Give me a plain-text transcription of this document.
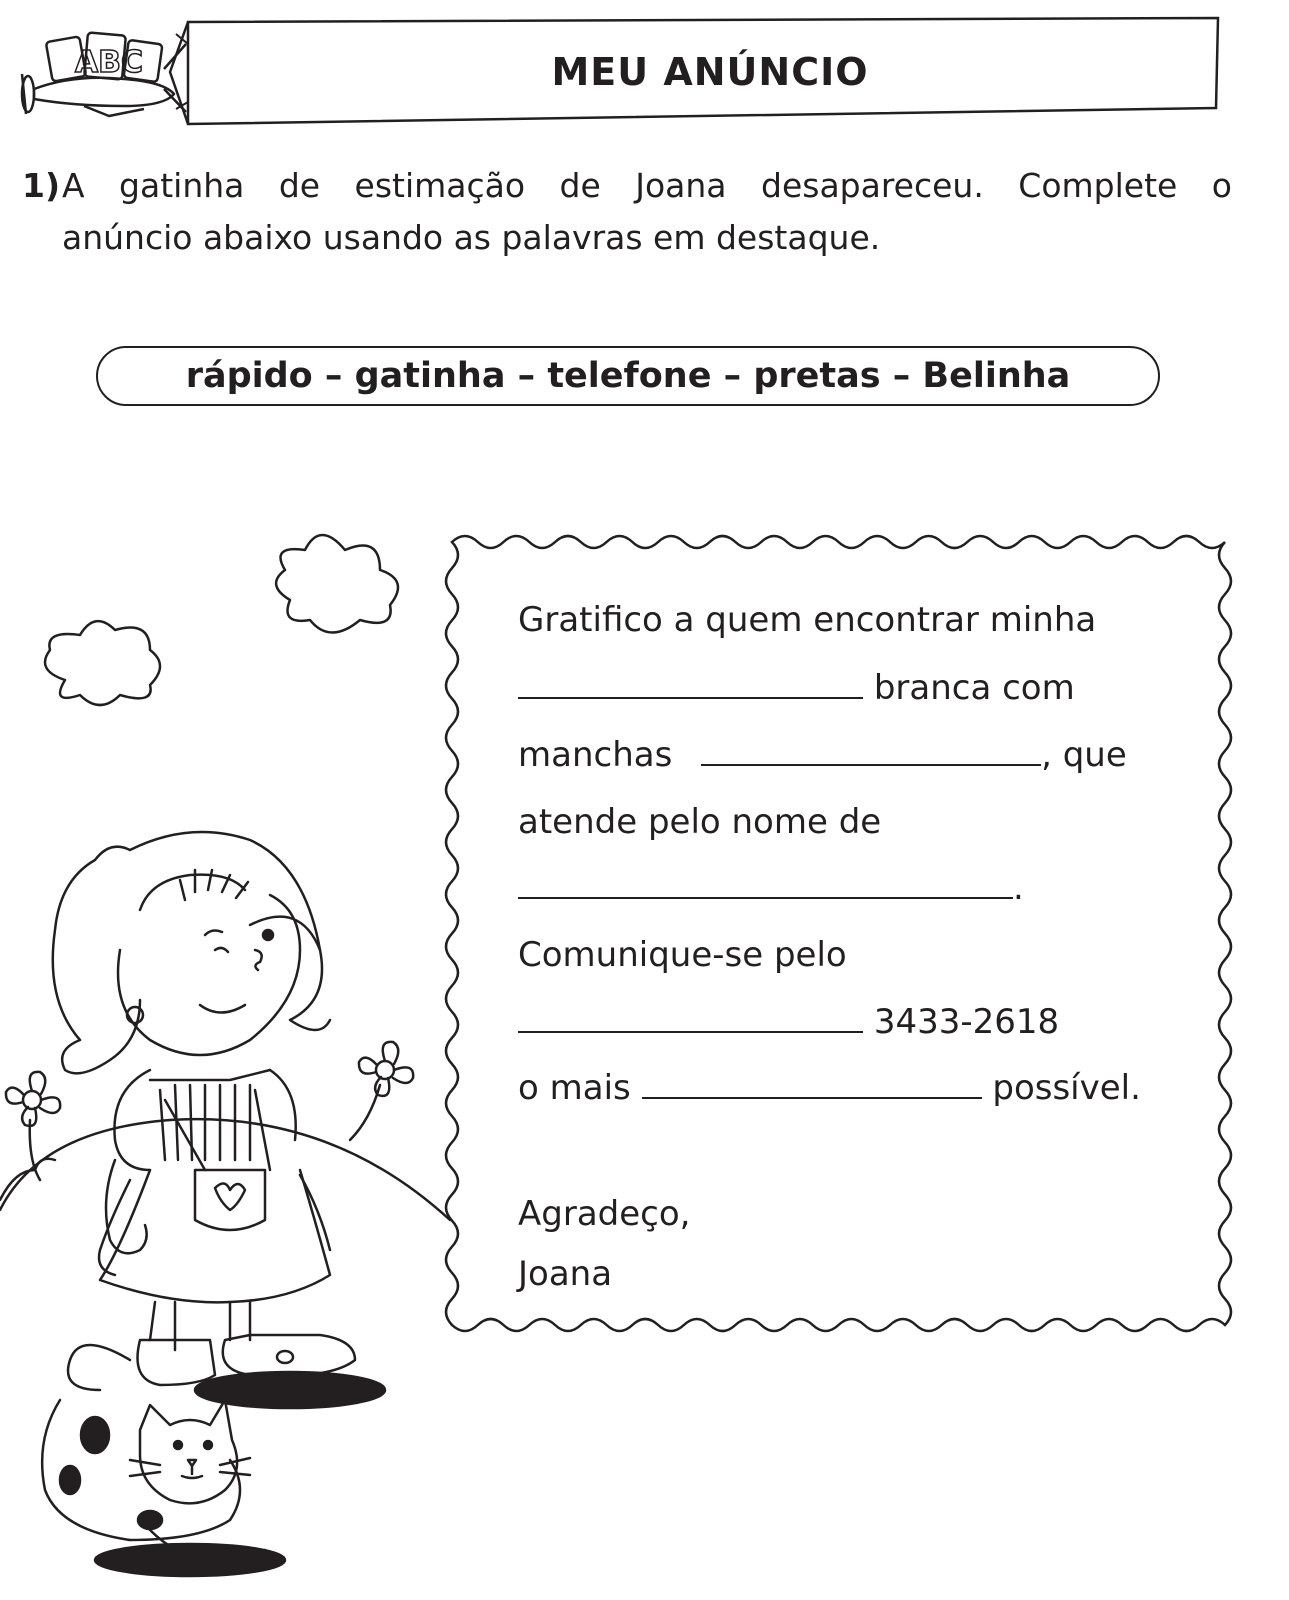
ABC	MEU ANÚNCIO
1) A gatinha de estimação de Joana desapareceu. Complete o
anúncio abaixo usando as palavras em destaque.
rápido – gatinha – telefone – pretas – Belinha
Gratifico a quem encontrar minha
branca com
manchas	, que
atende pelo nome de
.
Comunique-se pelo
3433-2618
o mais	possível.
Agradeço,
Joana
